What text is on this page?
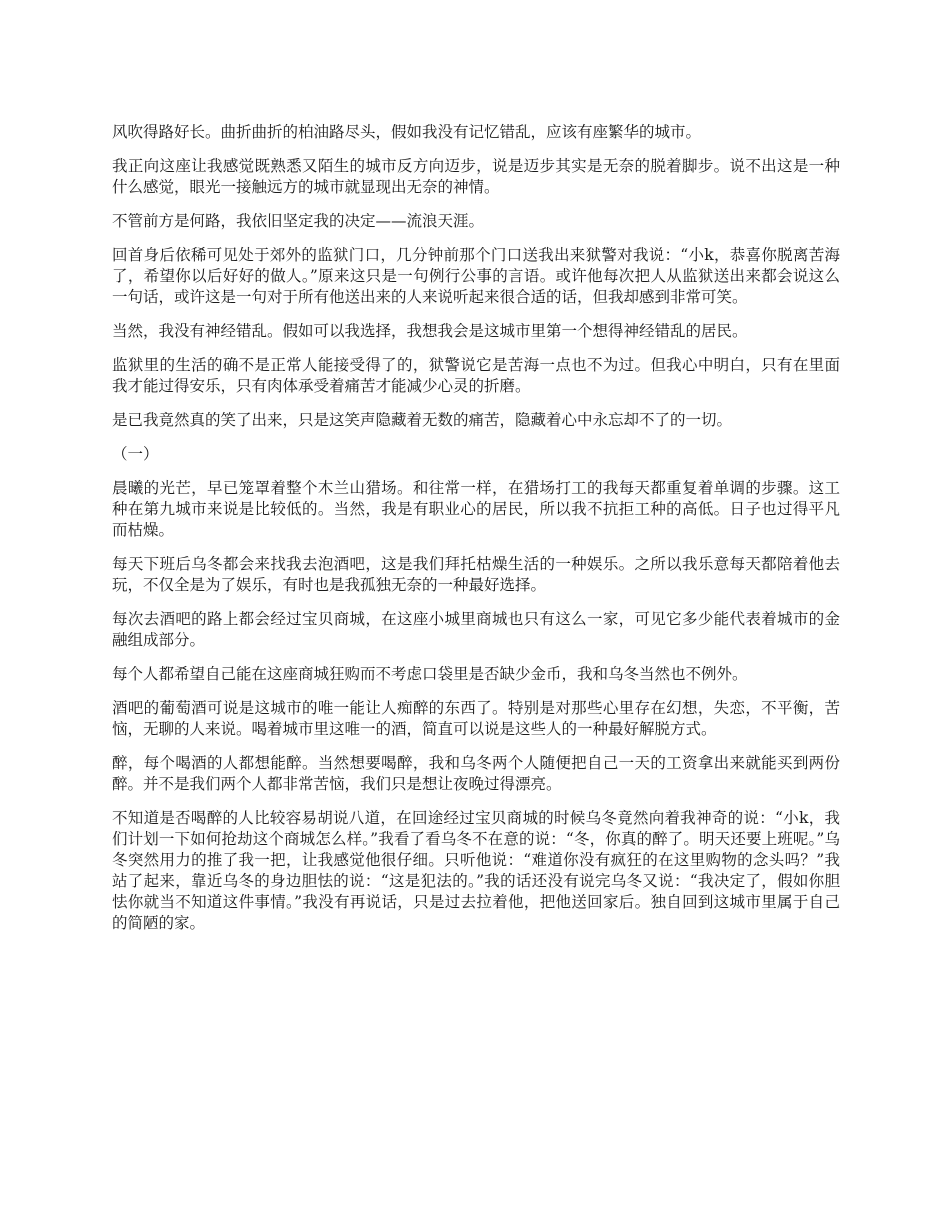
风吹得路好长。曲折曲折的柏油路尽头，假如我没有记忆错乱，应该有座繁华的城市。

我正向这座让我感觉既熟悉又陌生的城市反方向迈步，说是迈步其实是无奈的脱着脚步。说不出这是一种什么感觉，眼光一接触远方的城市就显现出无奈的神情。

不管前方是何路，我依旧坚定我的决定——流浪天涯。

回首身后依稀可见处于郊外的监狱门口，几分钟前那个门口送我出来狱警对我说：“小k，恭喜你脱离苦海了，希望你以后好好的做人。”原来这只是一句例行公事的言语。或许他每次把人从监狱送出来都会说这么一句话，或许这是一句对于所有他送出来的人来说听起来很合适的话，但我却感到非常可笑。

当然，我没有神经错乱。假如可以我选择，我想我会是这城市里第一个想得神经错乱的居民。

监狱里的生活的确不是正常人能接受得了的，狱警说它是苦海一点也不为过。但我心中明白，只有在里面我才能过得安乐，只有肉体承受着痛苦才能减少心灵的折磨。

是已我竟然真的笑了出来，只是这笑声隐藏着无数的痛苦，隐藏着心中永忘却不了的一切。

（一）

晨曦的光芒，早已笼罩着整个木兰山猎场。和往常一样，在猎场打工的我每天都重复着单调的步骤。这工种在第九城市来说是比较低的。当然，我是有职业心的居民，所以我不抗拒工种的高低。日子也过得平凡而枯燥。

每天下班后乌冬都会来找我去泡酒吧，这是我们拜托枯燥生活的一种娱乐。之所以我乐意每天都陪着他去玩，不仅全是为了娱乐，有时也是我孤独无奈的一种最好选择。

每次去酒吧的路上都会经过宝贝商城，在这座小城里商城也只有这么一家，可见它多少能代表着城市的金融组成部分。

每个人都希望自己能在这座商城狂购而不考虑口袋里是否缺少金币，我和乌冬当然也不例外。

酒吧的葡萄酒可说是这城市的唯一能让人痴醉的东西了。特别是对那些心里存在幻想，失恋，不平衡，苦恼，无聊的人来说。喝着城市里这唯一的酒，简直可以说是这些人的一种最好解脱方式。

醉，每个喝酒的人都想能醉。当然想要喝醉，我和乌冬两个人随便把自己一天的工资拿出来就能买到两份醉。并不是我们两个人都非常苦恼，我们只是想让夜晚过得漂亮。

不知道是否喝醉的人比较容易胡说八道，在回途经过宝贝商城的时候乌冬竟然向着我神奇的说：“小k，我们计划一下如何抢劫这个商城怎么样。”我看了看乌冬不在意的说：“冬，你真的醉了。明天还要上班呢。”乌冬突然用力的推了我一把，让我感觉他很仔细。只听他说：“难道你没有疯狂的在这里购物的念头吗？”我站了起来，靠近乌冬的身边胆怯的说：“这是犯法的。”我的话还没有说完乌冬又说：“我决定了，假如你胆怯你就当不知道这件事情。”我没有再说话，只是过去拉着他，把他送回家后。独自回到这城市里属于自己的简陋的家。
